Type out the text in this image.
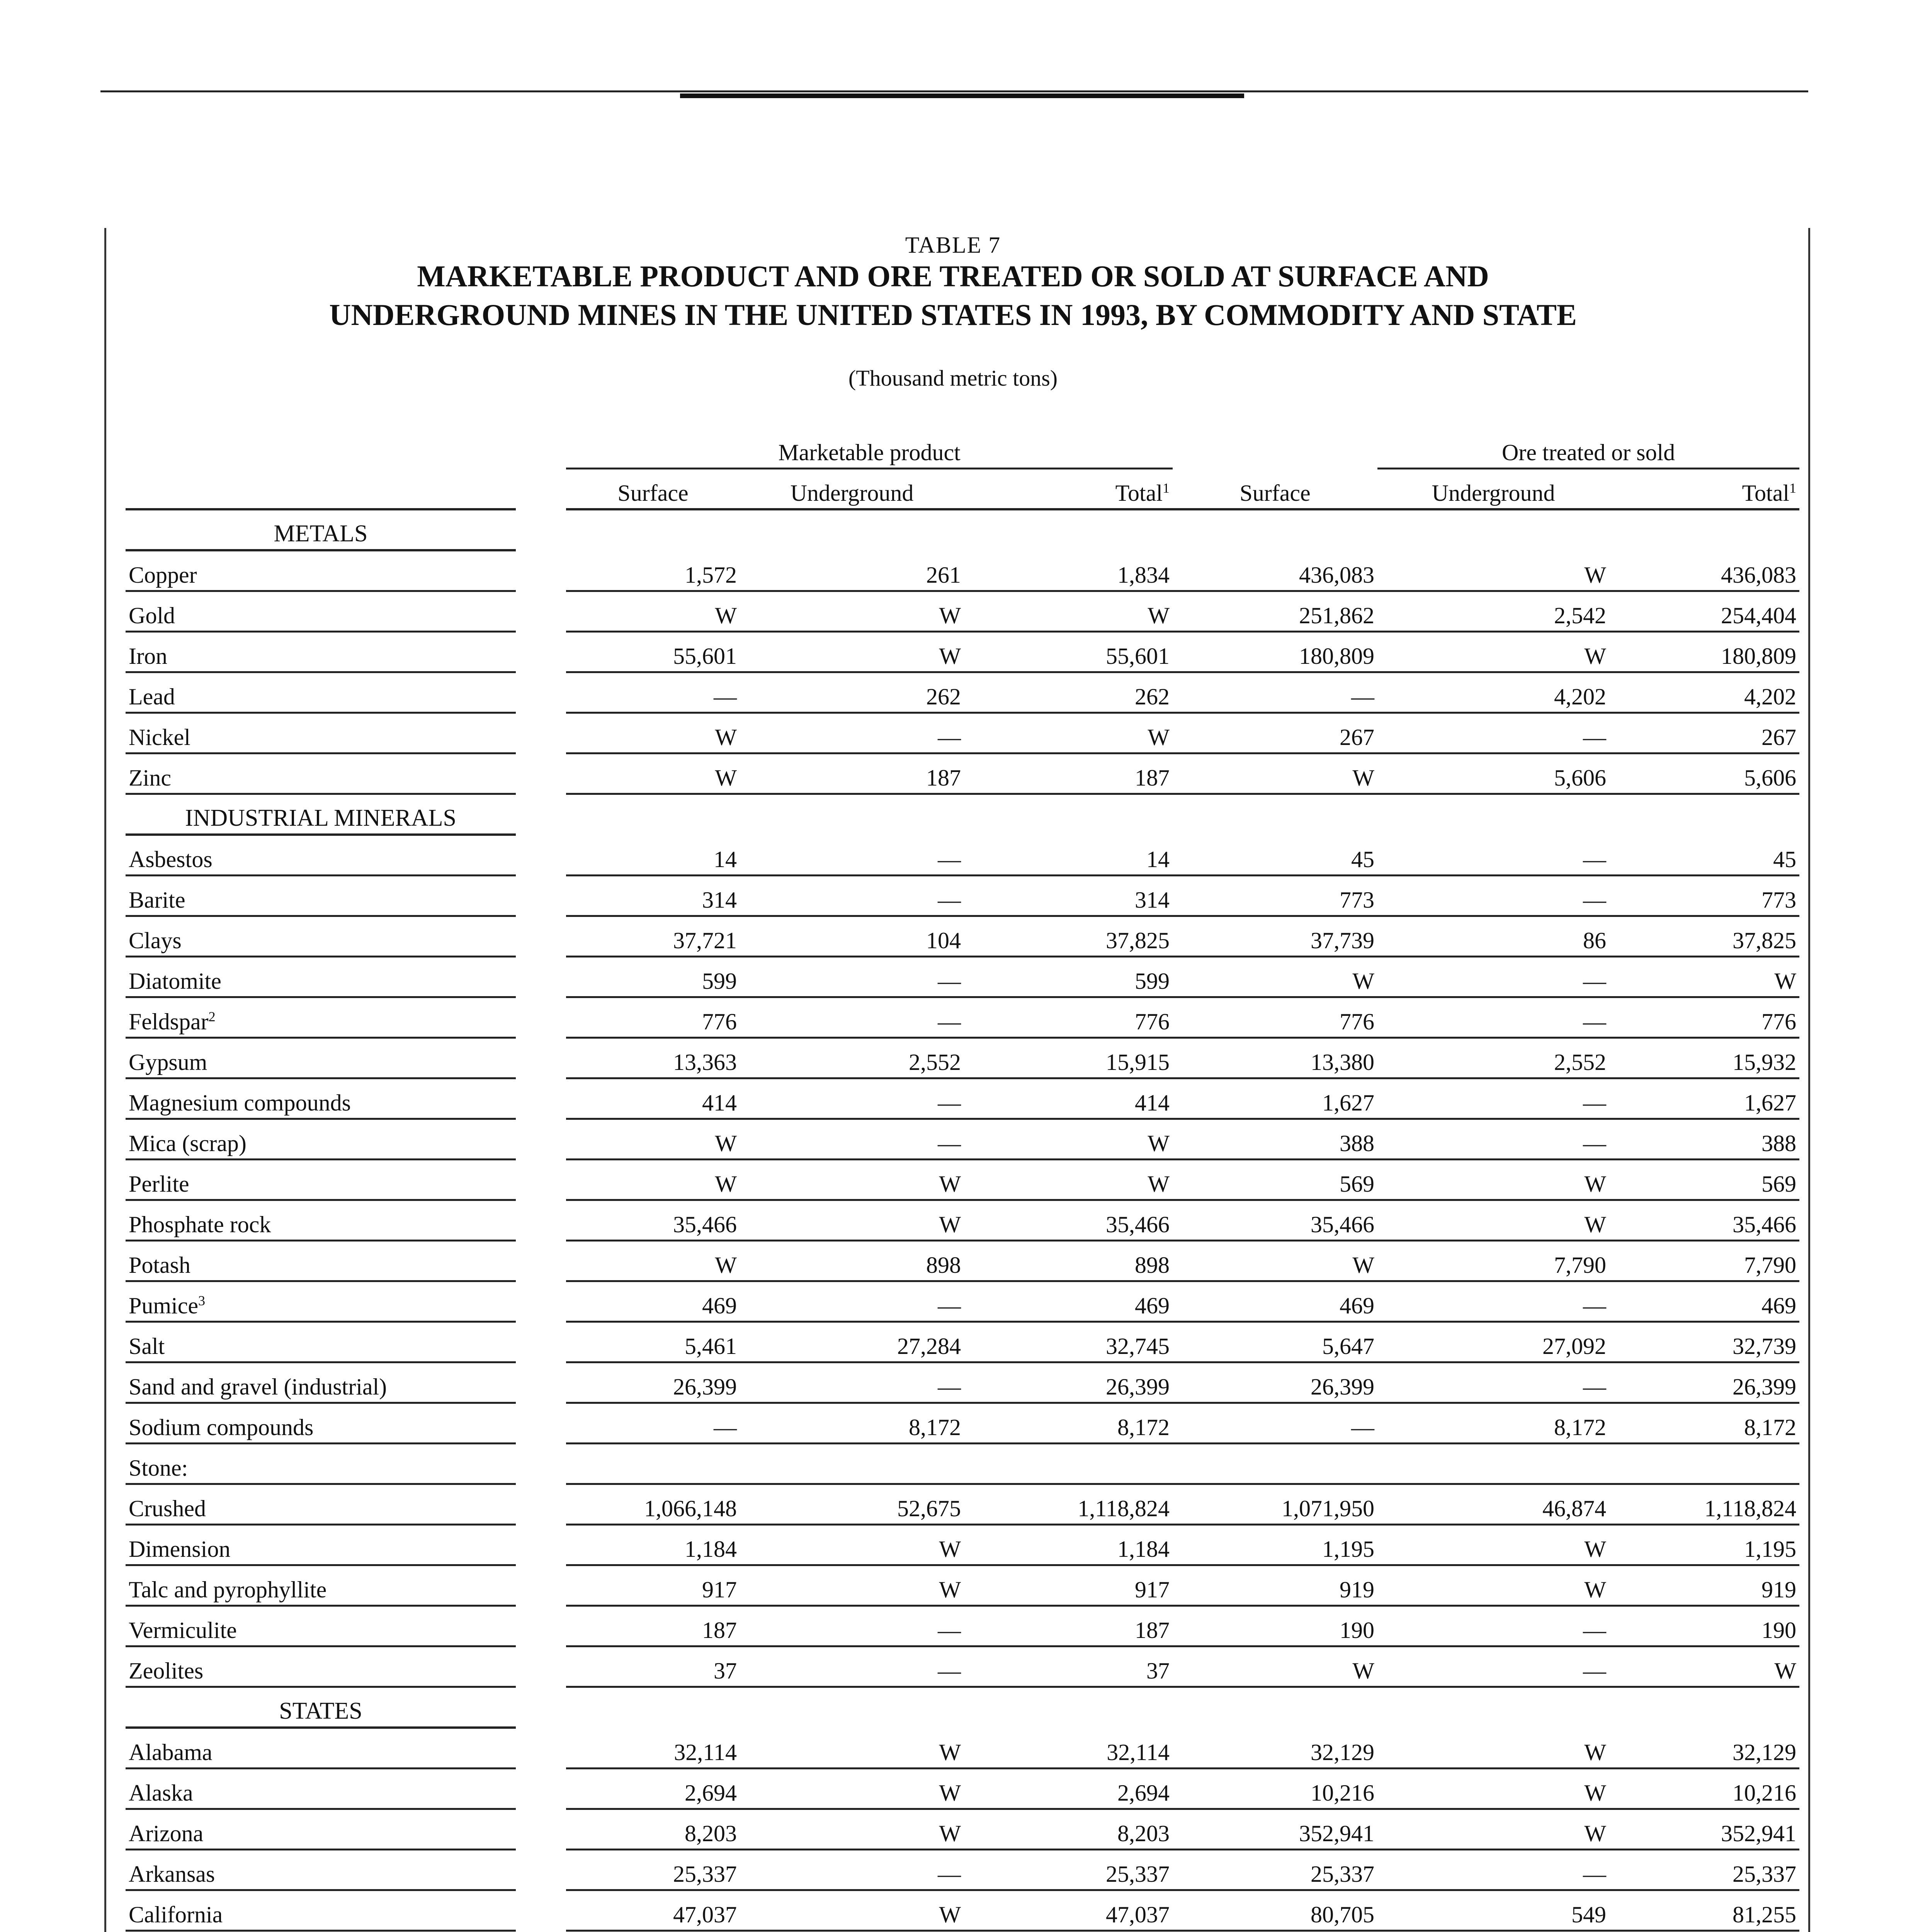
TABLE 7
MARKETABLE PRODUCT AND ORE TREATED OR SOLD AT SURFACE AND
UNDERGROUND MINES IN THE UNITED STATES IN 1993, BY COMMODITY AND STATE
(Thousand metric tons)
		Marketable product				Ore treated or sold	
		Surface	Underground	Total$^1$	Surface	Underground	Total$^1$
METALS							
Copper		1,572	261	1,834	436,083	W	436,083
Gold		W	W	W	251,862	2,542	254,404
Iron		55,601	W	55,601	180,809	W	180,809
Lead		—	262	262	—	4,202	4,202
Nickel		W	—	W	267	—	267
Zinc		W	187	187	W	5,606	5,606
INDUSTRIAL MINERALS							
Asbestos		14	—	14	45	—	45
Barite		314	—	314	773	—	773
Clays		37,721	104	37,825	37,739	86	37,825
Diatomite		599	—	599	W	—	W
Feldspar$^2$		776	—	776	776	—	776
Gypsum		13,363	2,552	15,915	13,380	2,552	15,932
Magnesium compounds		414	—	414	1,627	—	1,627
Mica (scrap)		W	—	W	388	—	388
Perlite		W	W	W	569	W	569
Phosphate rock		35,466	W	35,466	35,466	W	35,466
Potash		W	898	898	W	7,790	7,790
Pumice$^3$		469	—	469	469	—	469
Salt		5,461	27,284	32,745	5,647	27,092	32,739
Sand and gravel (industrial)		26,399	—	26,399	26,399	—	26,399
Sodium compounds		—	8,172	8,172	—	8,172	8,172
Stone:							
Crushed		1,066,148	52,675	1,118,824	1,071,950	46,874	1,118,824
Dimension		1,184	W	1,184	1,195	W	1,195
Talc and pyrophyllite		917	W	917	919	W	919
Vermiculite		187	—	187	190	—	190
Zeolites		37	—	37	W	—	W
STATES							
Alabama		32,114	W	32,114	32,129	W	32,129
Alaska		2,694	W	2,694	10,216	W	10,216
Arizona		8,203	W	8,203	352,941	W	352,941
Arkansas		25,337	—	25,337	25,337	—	25,337
California		47,037	W	47,037	80,705	549	81,255
